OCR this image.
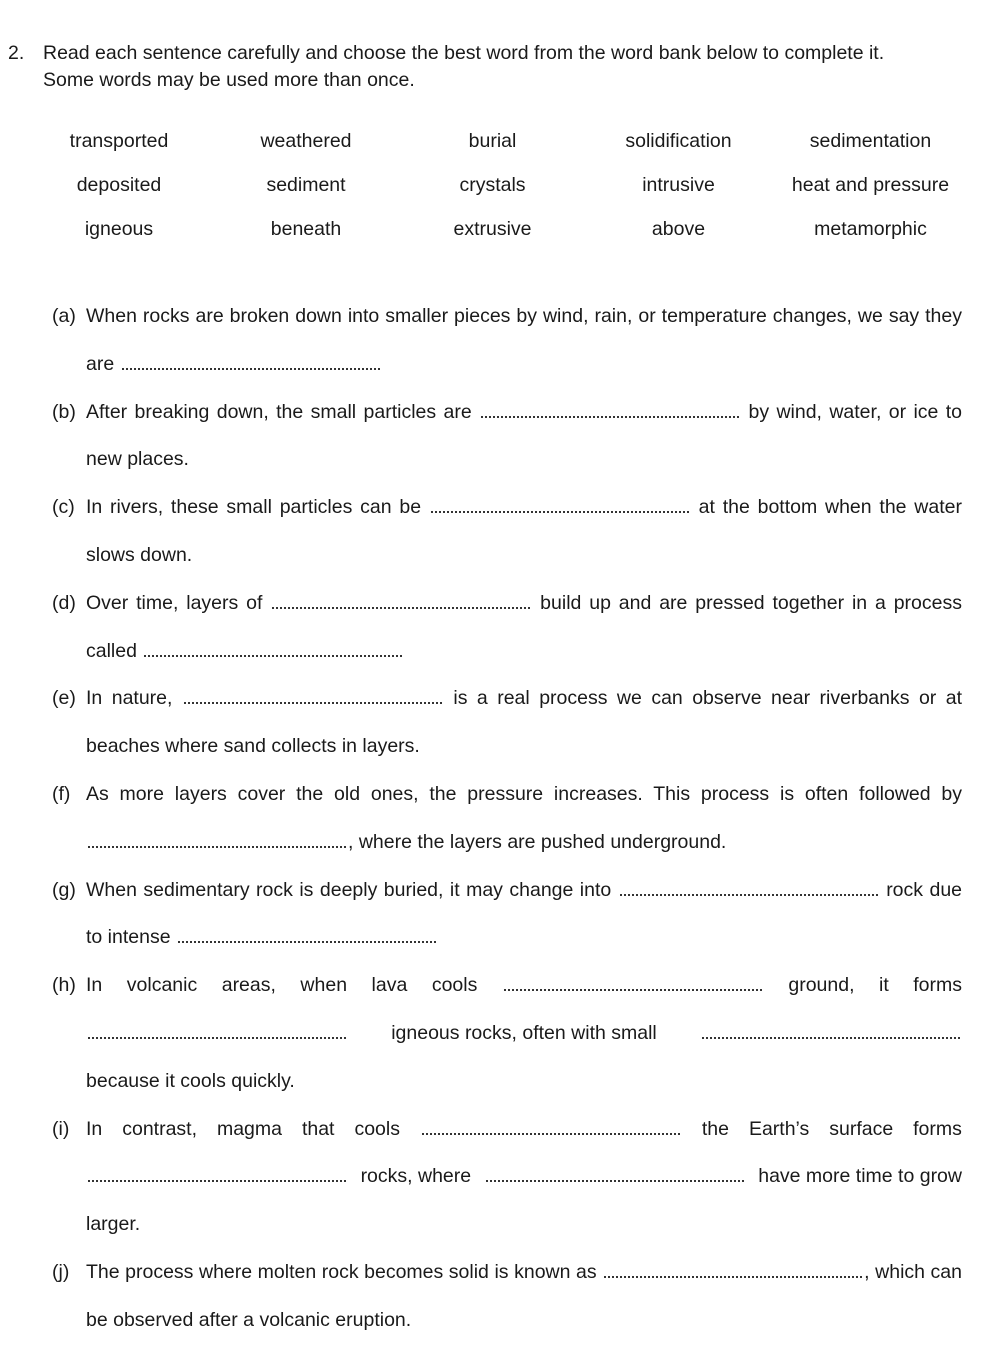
2. Read each sentence carefully and choose the best word from the word bank below to complete it.
Some words may be used more than once.
transported	weathered	burial	solidification	sedimentation
deposited	sediment	crystals	intrusive	heat and pressure
igneous	beneath	extrusive	above	metamorphic
(a) When rocks are broken down into smaller pieces by wind, rain, or temperature changes, we say they are
(b) After breaking down, the small particles are	by wind, water, or ice to new places.
(c) In rivers, these small particles can be	at the bottom when the water slows down.
(d) Over time, layers of	build up and are pressed together in a process called
(e) In nature,	is a real process we can observe near riverbanks or at beaches where sand collects in layers.
(f) As more layers cover the old ones, the pressure increases. This process is often followed by , where the layers are pushed underground.
(g) When sedimentary rock is deeply buried, it may change into	rock due to intense
(h) In volcanic areas, when lava cools	ground, it forms
igneous rocks, often with small
because it cools quickly.
(i) In contrast, magma that cools	the Earth’s surface forms
rocks, where	have more time to grow
larger.
(j) The process where molten rock becomes solid is known as	, which can be observed after a volcanic eruption.
